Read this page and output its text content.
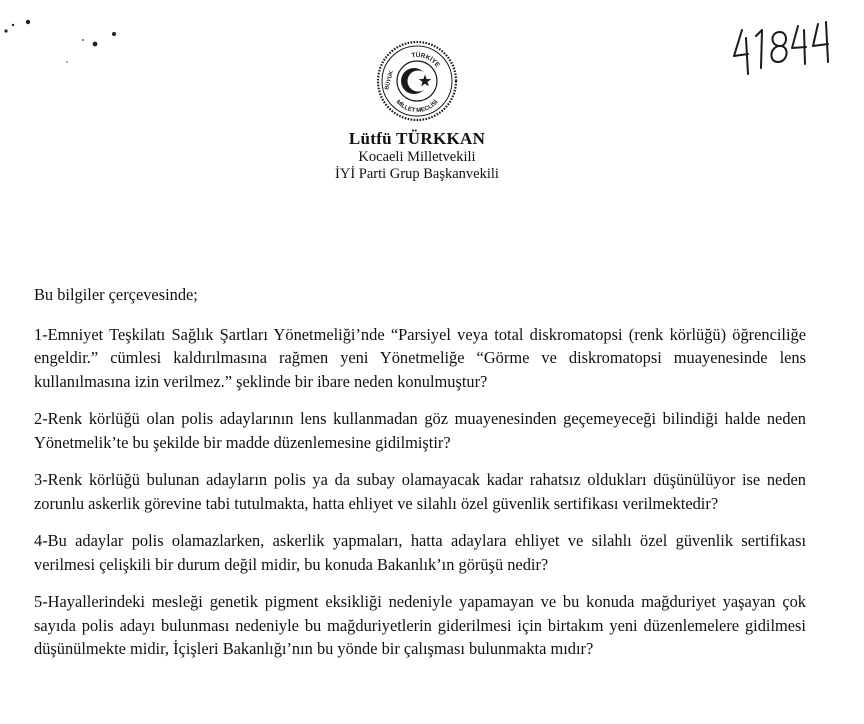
TÜRKİYE
BÜYÜK
MİLLET MECLİSİ
Lütfü TÜRKKAN
Kocaeli Milletvekili
İYİ Parti Grup Başkanvekili

Bu bilgiler çerçevesinde;

1-Emniyet Teşkilatı Sağlık Şartları Yönetmeliği’nde “Parsiyel veya total diskromatopsi (renk körlüğü) öğrenciliğe engeldir.” cümlesi kaldırılmasına rağmen yeni Yönetmeliğe “Görme ve diskromatopsi muayenesinde lens kullanılmasına izin verilmez.” şeklinde bir ibare neden konulmuştur?

2-Renk körlüğü olan polis adaylarının lens kullanmadan göz muayenesinden geçemeyeceği bilindiği halde neden Yönetmelik’te bu şekilde bir madde düzenlemesine gidilmiştir?

3-Renk körlüğü bulunan adayların polis ya da subay olamayacak kadar rahatsız oldukları düşünülüyor ise neden zorunlu askerlik görevine tabi tutulmakta, hatta ehliyet ve silahlı özel güvenlik sertifikası verilmektedir?

4-Bu adaylar polis olamazlarken, askerlik yapmaları, hatta adaylara ehliyet ve silahlı özel güvenlik sertifikası verilmesi çelişkili bir durum değil midir, bu konuda Bakanlık’ın görüşü nedir?

5-Hayallerindeki mesleği genetik pigment eksikliği nedeniyle yapamayan ve bu konuda mağduriyet yaşayan çok sayıda polis adayı bulunması nedeniyle bu mağduriyetlerin giderilmesi için birtakım yeni düzenlemelere gidilmesi düşünülmekte midir, İçişleri Bakanlığı’nın bu yönde bir çalışması bulunmakta mıdır?
